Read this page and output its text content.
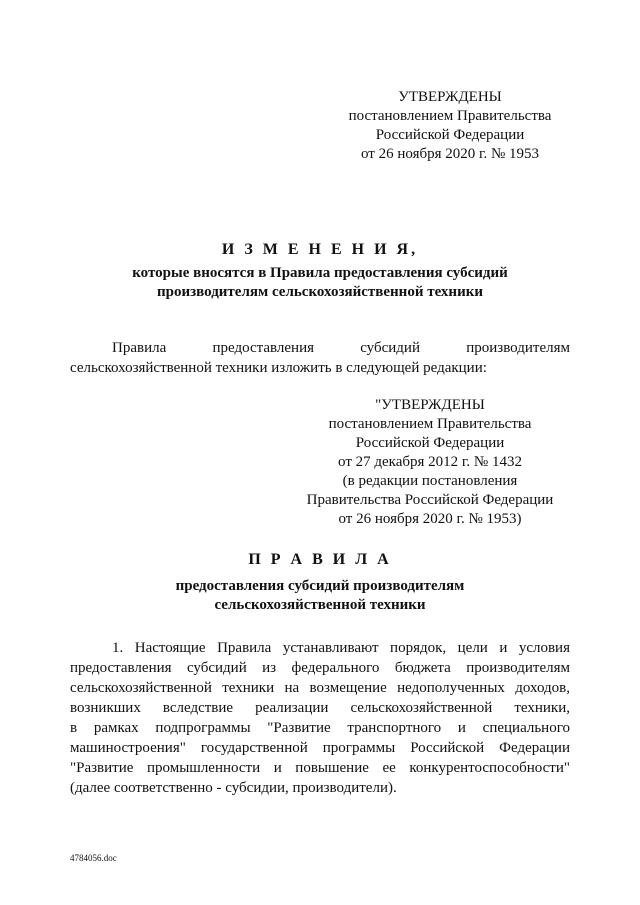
УТВЕРЖДЕНЫ
постановлением Правительства
Российской Федерации
от 26 ноября 2020 г. № 1953
И З М Е Н Е Н И Я,
которые вносятся в Правила предоставления субсидий
производителям сельскохозяйственной техники
Правила предоставления субсидий производителям
сельскохозяйственной техники изложить в следующей редакции:
"УТВЕРЖДЕНЫ
постановлением Правительства
Российской Федерации
от 27 декабря 2012 г. № 1432
(в редакции постановления
Правительства Российской Федерации
от 26 ноября 2020 г. № 1953)
П Р А В И Л А
предоставления субсидий производителям
сельскохозяйственной техники
1. Настоящие Правила устанавливают порядок, цели и условия
предоставления субсидий из федерального бюджета производителям
сельскохозяйственной техники на возмещение недополученных доходов,
возникших вследствие реализации сельскохозяйственной техники,
в рамках подпрограммы "Развитие транспортного и специального
машиностроения" государственной программы Российской Федерации
"Развитие промышленности и повышение ее конкурентоспособности"
(далее соответственно - субсидии, производители).
4784056.doc
